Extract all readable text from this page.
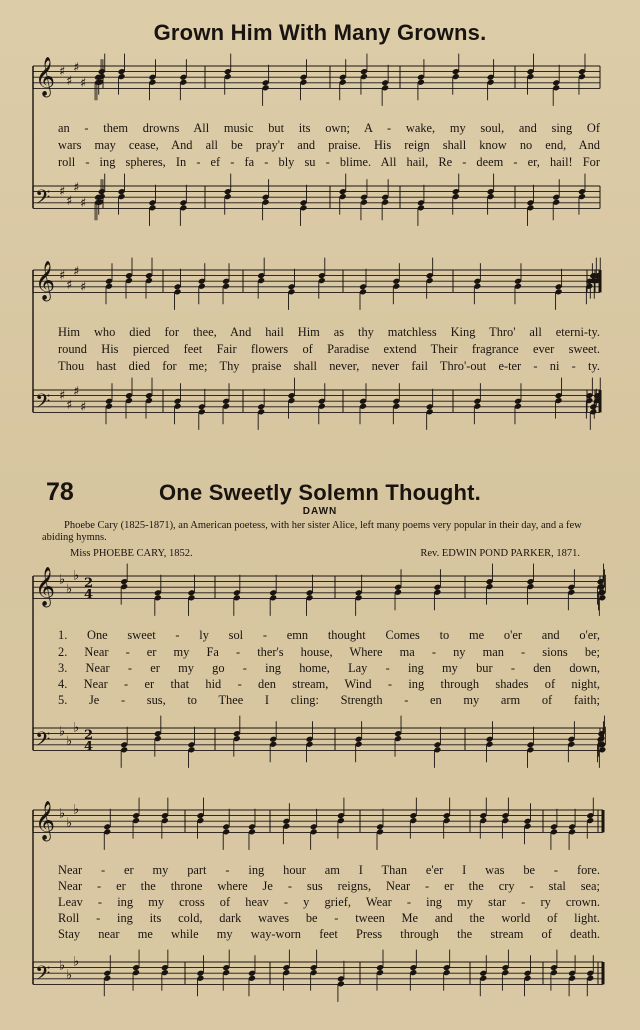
Grown Him With Many Growns.
𝄞 ♯
♯
♯
♯
𝄢 ♯
♯
♯
♯
𝄞 ♯
♯
♯
♯
𝄢 ♯
♯
♯
♯
𝄞 ♭
♭
♭
2
4
𝄢 ♭
♭
♭
2
4
𝄞 ♭
♭
♭
𝄢 ♭
♭
♭
an - them drowns All music but its own; A - wake, my soul, and sing Of
wars may cease, And all be pray'r and praise. His reign shall know no end, And
roll - ing spheres, In - ef - fa - bly su - blime. All hail, Re - deem - er, hail! For
Him who died for thee, And hail Him as thy matchless King Thro' all eterni-ty.
round His pierced feet Fair flowers of Paradise extend Their fragrance ever sweet.
Thou hast died for me; Thy praise shall never, never fail Thro'-out e-ter - ni - ty.
78	One Sweetly Solemn Thought.
DAWN
Phoebe Cary (1825-1871), an American poetess, with her sister Alice, left many poems very popular in their day, and a few abiding hymns.
Miss PHOEBE CARY, 1852.	Rev. EDWIN POND PARKER, 1871.
1. One sweet - ly sol - emn thought Comes to me o'er and o'er,
2. Near - er my Fa - ther's house, Where ma - ny man - sions be;
3. Near - er my go - ing home, Lay - ing my bur - den down,
4. Near - er that hid - den stream, Wind - ing through shades of night,
5. Je - sus, to Thee I cling: Strength - en my arm of faith;
Near - er my part - ing hour am I Than e'er I was be - fore.
Near - er the throne where Je - sus reigns, Near - er the cry - stal sea;
Leav - ing my cross of heav - y grief, Wear - ing my star - ry crown.
Roll - ing its cold, dark waves be - tween Me and the world of light.
Stay near me while my way-worn feet Press through the stream of death.
